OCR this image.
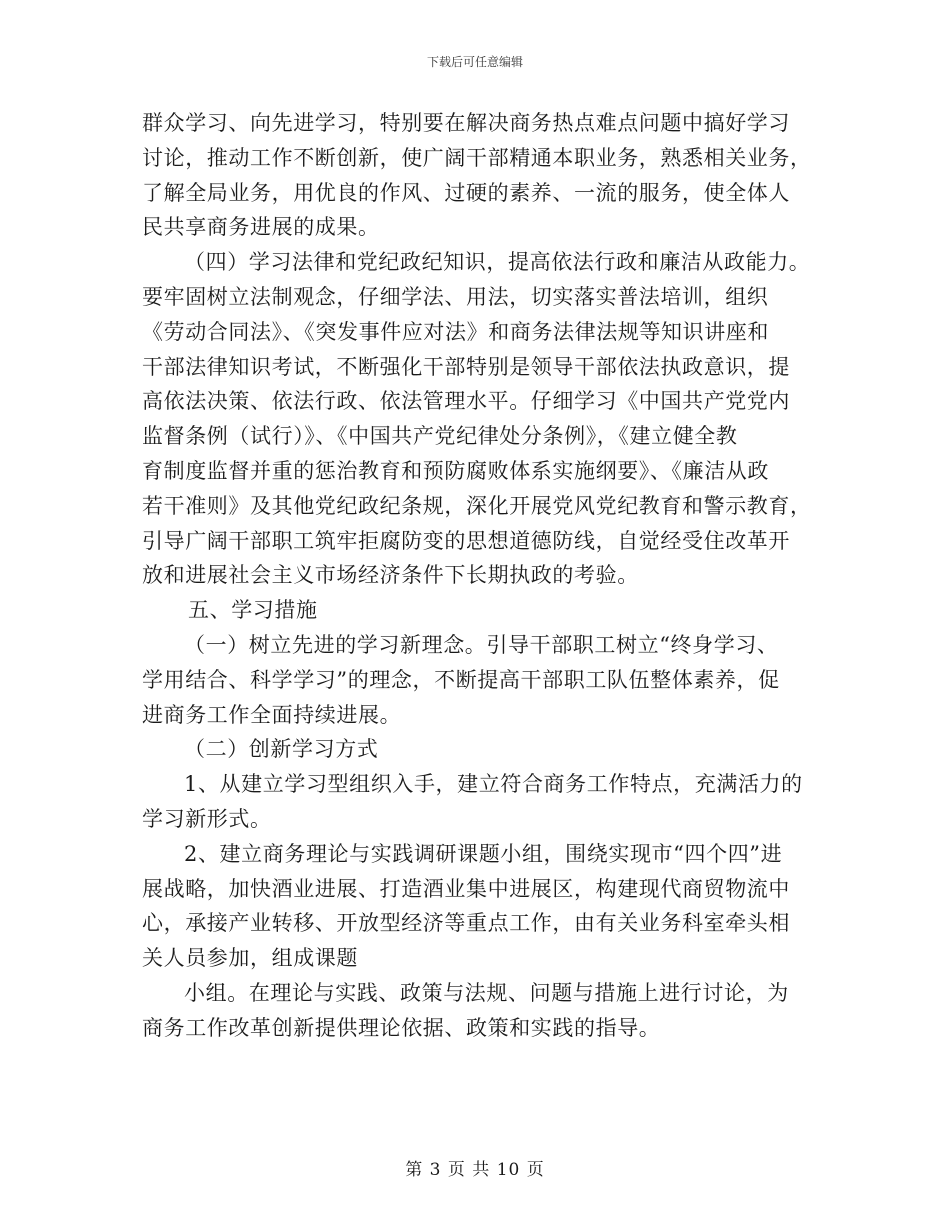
下载后可任意编辑
群众学习、向先进学习，特别要在解决商务热点难点问题中搞好学习
讨论，推动工作不断创新，使广阔干部精通本职业务，熟悉相关业务，
了解全局业务，用优良的作风、过硬的素养、一流的服务，使全体人
民共享商务进展的成果。
（四）学习法律和党纪政纪知识，提高依法行政和廉洁从政能力。
要牢固树立法制观念，仔细学法、用法，切实落实普法培训，组织
《劳动合同法》、《突发事件应对法》和商务法律法规等知识讲座和
干部法律知识考试，不断强化干部特别是领导干部依法执政意识，提
高依法决策、依法行政、依法管理水平。仔细学习《中国共产党党内
监督条例（试行）》、《中国共产党纪律处分条例》，《建立健全教
育制度监督并重的惩治教育和预防腐败体系实施纲要》、《廉洁从政
若干准则》及其他党纪政纪条规，深化开展党风党纪教育和警示教育，
引导广阔干部职工筑牢拒腐防变的思想道德防线，自觉经受住改革开
放和进展社会主义市场经济条件下长期执政的考验。
五、学习措施
（一）树立先进的学习新理念。引导干部职工树立“终身学习、
学用结合、科学学习”的理念，不断提高干部职工队伍整体素养，促
进商务工作全面持续进展。
（二）创新学习方式
1、从建立学习型组织入手，建立符合商务工作特点，充满活力的
学习新形式。
2、建立商务理论与实践调研课题小组，围绕实现市“四个四”进
展战略，加快酒业进展、打造酒业集中进展区，构建现代商贸物流中
心，承接产业转移、开放型经济等重点工作，由有关业务科室牵头相
关人员参加，组成课题
小组。在理论与实践、政策与法规、问题与措施上进行讨论，为
商务工作改革创新提供理论依据、政策和实践的指导。
第 3 页 共 10 页
